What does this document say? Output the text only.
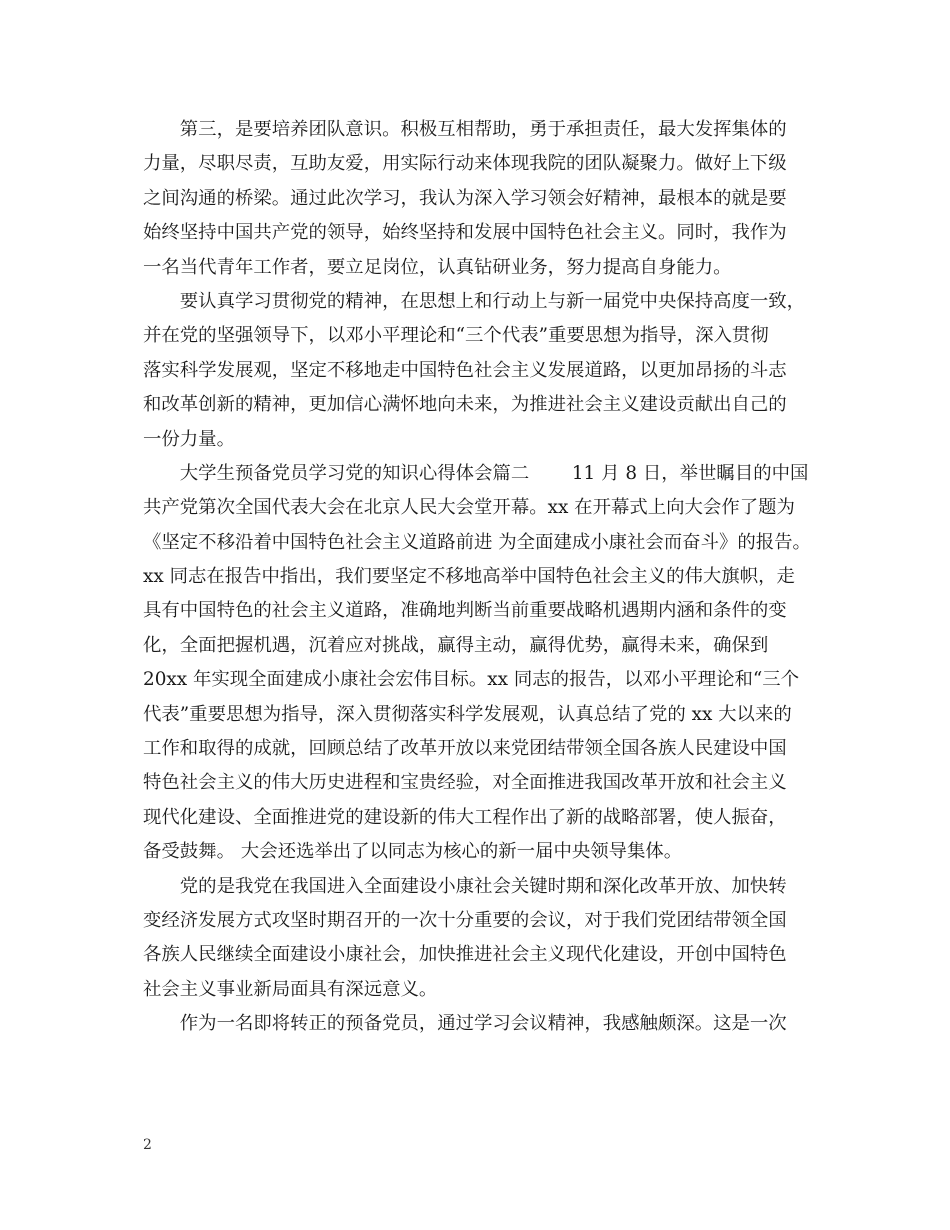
　　第三，是要培养团队意识。积极互相帮助，勇于承担责任，最大发挥集体的
力量，尽职尽责，互助友爱，用实际行动来体现我院的团队凝聚力。做好上下级
之间沟通的桥梁。通过此次学习，我认为深入学习领会好精神，最根本的就是要
始终坚持中国共产党的领导，始终坚持和发展中国特色社会主义。同时，我作为
一名当代青年工作者，要立足岗位，认真钻研业务，努力提高自身能力。

　　要认真学习贯彻党的精神，在思想上和行动上与新一届党中央保持高度一致，
并在党的坚强领导下，以邓小平理论和“三个代表”重要思想为指导，深入贯彻
落实科学发展观，坚定不移地走中国特色社会主义发展道路，以更加昂扬的斗志
和改革创新的精神，更加信心满怀地向未来，为推进社会主义建设贡献出自己的
一份力量。

　　大学生预备党员学习党的知识心得体会篇二　　 11 月 8 日，举世瞩目的中国
共产党第次全国代表大会在北京人民大会堂开幕。xx 在开幕式上向大会作了题为
《坚定不移沿着中国特色社会主义道路前进 为全面建成小康社会而奋斗》的报告。
xx 同志在报告中指出，我们要坚定不移地高举中国特色社会主义的伟大旗帜，走
具有中国特色的社会主义道路，准确地判断当前重要战略机遇期内涵和条件的变
化，全面把握机遇，沉着应对挑战，赢得主动，赢得优势，赢得未来，确保到
20xx 年实现全面建成小康社会宏伟目标。xx 同志的报告，以邓小平理论和“三个
代表”重要思想为指导，深入贯彻落实科学发展观，认真总结了党的 xx 大以来的
工作和取得的成就，回顾总结了改革开放以来党团结带领全国各族人民建设中国
特色社会主义的伟大历史进程和宝贵经验，对全面推进我国改革开放和社会主义
现代化建设、全面推进党的建设新的伟大工程作出了新的战略部署，使人振奋，
备受鼓舞。 大会还选举出了以同志为核心的新一届中央领导集体。

　　党的是我党在我国进入全面建设小康社会关键时期和深化改革开放、加快转
变经济发展方式攻坚时期召开的一次十分重要的会议，对于我们党团结带领全国
各族人民继续全面建设小康社会，加快推进社会主义现代化建设，开创中国特色
社会主义事业新局面具有深远意义。

　　作为一名即将转正的预备党员，通过学习会议精神，我感触颇深。这是一次

2
